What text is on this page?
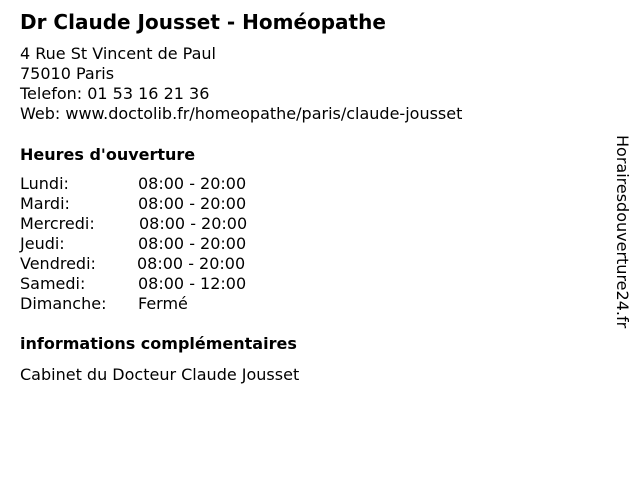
Dr Claude Jousset - Homéopathe
4 Rue St Vincent de Paul
75010 Paris
Telefon: 01 53 16 21 36
Web: www.doctolib.fr/homeopathe/paris/claude-jousset
Heures d'ouverture
Lundi:	08:00 - 20:00
Mardi:	08:00 - 20:00
Mercredi:	08:00 - 20:00
Jeudi:	08:00 - 20:00
Vendredi:	08:00 - 20:00
Samedi:	08:00 - 12:00
Dimanche: Fermé
informations complémentaires
Cabinet du Docteur Claude Jousset
Horairesdouverture24.fr
